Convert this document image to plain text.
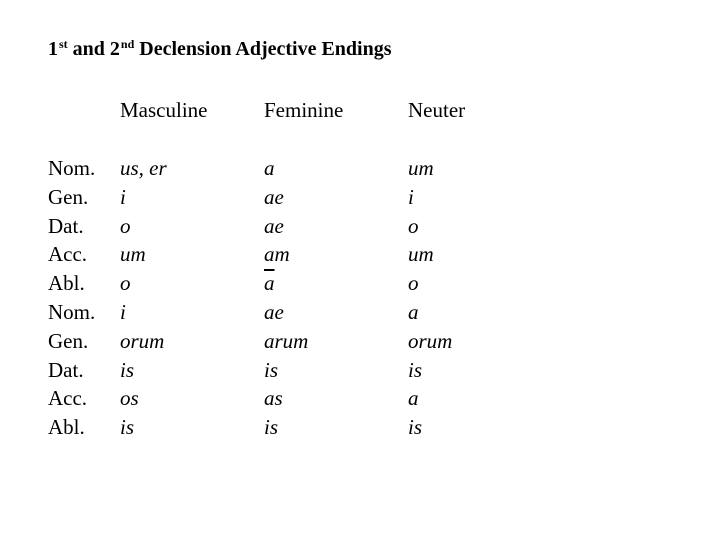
1st and 2nd Declension Adjective Endings
Masculine	Feminine	Neuter
Nom. us, er	a	um
Gen. i	ae	i
Dat. o	ae	o
Acc. um	am	um
Abl. o	$\overline{a}$	o
Nom. i	ae	a
Gen. orum	arum	orum
Dat. is	is	is
Acc. os	as	a
Abl. is	is	is
